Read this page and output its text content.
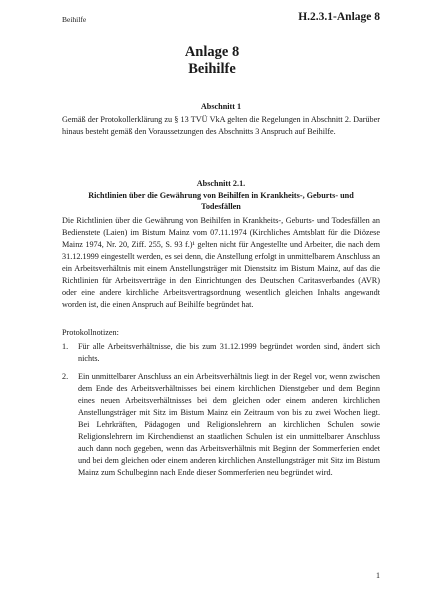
Beihilfe	H.2.3.1-Anlage 8
Anlage 8
Beihilfe
Abschnitt 1
Gemäß der Protokollerklärung zu § 13 TVÜ VkA gelten die Regelungen in Abschnitt 2. Darüber hinaus besteht gemäß den Voraussetzungen des Abschnitts 3 Anspruch auf Beihilfe.
Abschnitt 2.1.
Richtlinien über die Gewährung von Beihilfen in Krankheits-, Geburts- und
Todesfällen
Die Richtlinien über die Gewährung von Beihilfen in Krankheits-, Geburts- und Todesfällen an Bedienstete (Laien) im Bistum Mainz vom 07.11.1974 (Kirchliches Amtsblatt für die Diözese Mainz 1974, Nr. 20, Ziff. 255, S. 93 f.)¹ gelten nicht für Angestellte und Arbeiter, die nach dem 31.12.1999 eingestellt werden, es sei denn, die Anstellung erfolgt in unmittelbarem Anschluss an ein Arbeitsverhältnis mit einem Anstellungsträger mit Dienstsitz im Bistum Mainz, auf das die Richtlinien für Arbeitsverträge in den Einrichtungen des Deutschen Caritasverbandes (AVR) oder eine andere kirchliche Arbeitsvertragsordnung wesentlich gleichen Inhalts angewandt worden ist, die einen Anspruch auf Beihilfe begründet hat.
Protokollnotizen:
1. Für alle Arbeitsverhältnisse, die bis zum 31.12.1999 begründet worden sind, ändert sich nichts.
2. Ein unmittelbarer Anschluss an ein Arbeitsverhältnis liegt in der Regel vor, wenn zwischen dem Ende des Arbeitsverhältnisses bei einem kirchlichen Dienstgeber und dem Beginn eines neuen Arbeitsverhältnisses bei dem gleichen oder einem anderen kirchlichen Anstellungsträger mit Sitz im Bistum Mainz ein Zeitraum von bis zu zwei Wochen liegt. Bei Lehrkräften, Pädagogen und Religionslehrern an kirchlichen Schulen sowie Religionslehrern im Kirchendienst an staatlichen Schulen ist ein unmittelbarer Anschluss auch dann noch gegeben, wenn das Arbeitsverhältnis mit Beginn der Sommerferien endet und bei dem gleichen oder einem anderen kirchlichen Anstellungsträger mit Sitz im Bistum Mainz zum Schulbeginn nach Ende dieser Sommerferien neu begründet wird.
1
